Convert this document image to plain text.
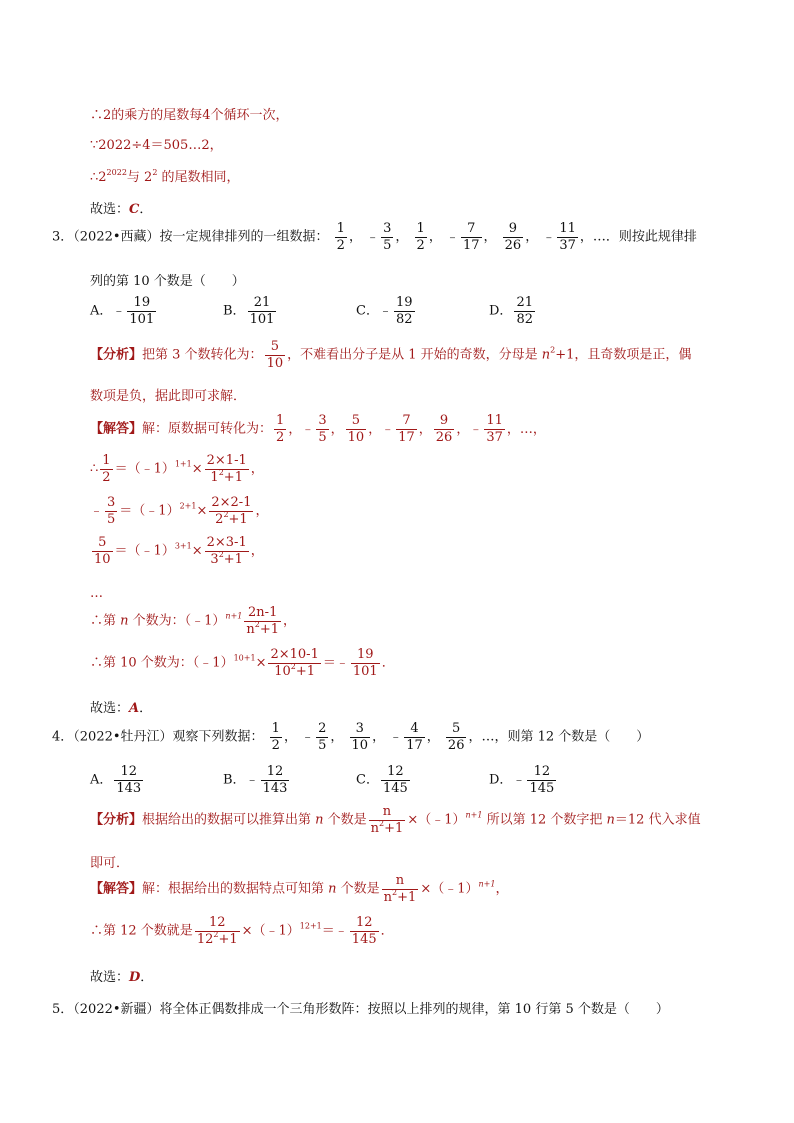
∴2的乘方的尾数每4个循环一次，
∵2022÷4＝505…2，
$\therefore 2^{2022}$与 $2^2$ 的尾数相同，
故选：C．
3．（2022•西藏）按一定规律排列的一组数据： $\frac{1}{2}$ ， ﹣ $\frac{3}{5}$ ， $\frac{1}{2}$ ， ﹣ $\frac{7}{17}$ ， $\frac{9}{26}$ ， ﹣ $\frac{11}{37}$ ，…．则按此规律排
列的第 10 个数是（　　）
A．﹣ $\frac{19}{101}$	B． $\frac{21}{101}$	C．﹣ $\frac{19}{82}$	D． $\frac{21}{82}$
【分析】把第 3 个数转化为： $\frac{5}{10}$ ，不难看出分子是从 1 开始的奇数，分母是 $n^2+1$，且奇数项是正，偶
数项是负，据此即可求解．
【解答】解：原数据可转化为： $\frac{1}{2}$ ，﹣ $\frac{3}{5}$ ， $\frac{5}{10}$ ，﹣ $\frac{7}{17}$ ， $\frac{9}{26}$ ，﹣ $\frac{11}{37}$ ，…，
∴ $\frac{1}{2}$ ＝（﹣1）$^{1+1}$× $\frac{2\times 1-1}{1^2+1}$ ，
﹣ $\frac{3}{5}$ ＝（﹣1）$^{2+1}$× $\frac{2\times 2-1}{2^2+1}$ ，
$\frac{5}{10}$ ＝（﹣1）$^{3+1}$× $\frac{2\times 3-1}{3^2+1}$ ，
…
∴第 n 个数为：（﹣1）$^{n+1}$ $\frac{2n-1}{n^2+1}$ ，
∴第 10 个数为：（﹣1）$^{10+1}$× $\frac{2\times 10-1}{10^2+1}$ ＝﹣ $\frac{19}{101}$ ．
故选：A．
4．（2022•牡丹江）观察下列数据： $\frac{1}{2}$ ， ﹣ $\frac{2}{5}$ ， $\frac{3}{10}$ ， ﹣ $\frac{4}{17}$ ， $\frac{5}{26}$ ，…，则第 12 个数是（　　）
A． $\frac{12}{143}$	B．﹣ $\frac{12}{143}$	C． $\frac{12}{145}$	D．﹣ $\frac{12}{145}$
【分析】根据给出的数据可以推算出第 n 个数是 $\frac{n}{n^2+1}$ ×（﹣1）$^{n+1}$ 所以第 12 个数字把 n＝12 代入求值
即可．
【解答】解：根据给出的数据特点可知第 n 个数是 $\frac{n}{n^2+1}$ ×（﹣1）$^{n+1}$，
∴第 12 个数就是 $\frac{12}{12^2+1}$ ×（﹣1）$^{12+1}$＝﹣ $\frac{12}{145}$ ．
故选：D．
5．（2022•新疆）将全体正偶数排成一个三角形数阵：按照以上排列的规律，第 10 行第 5 个数是（　　）
